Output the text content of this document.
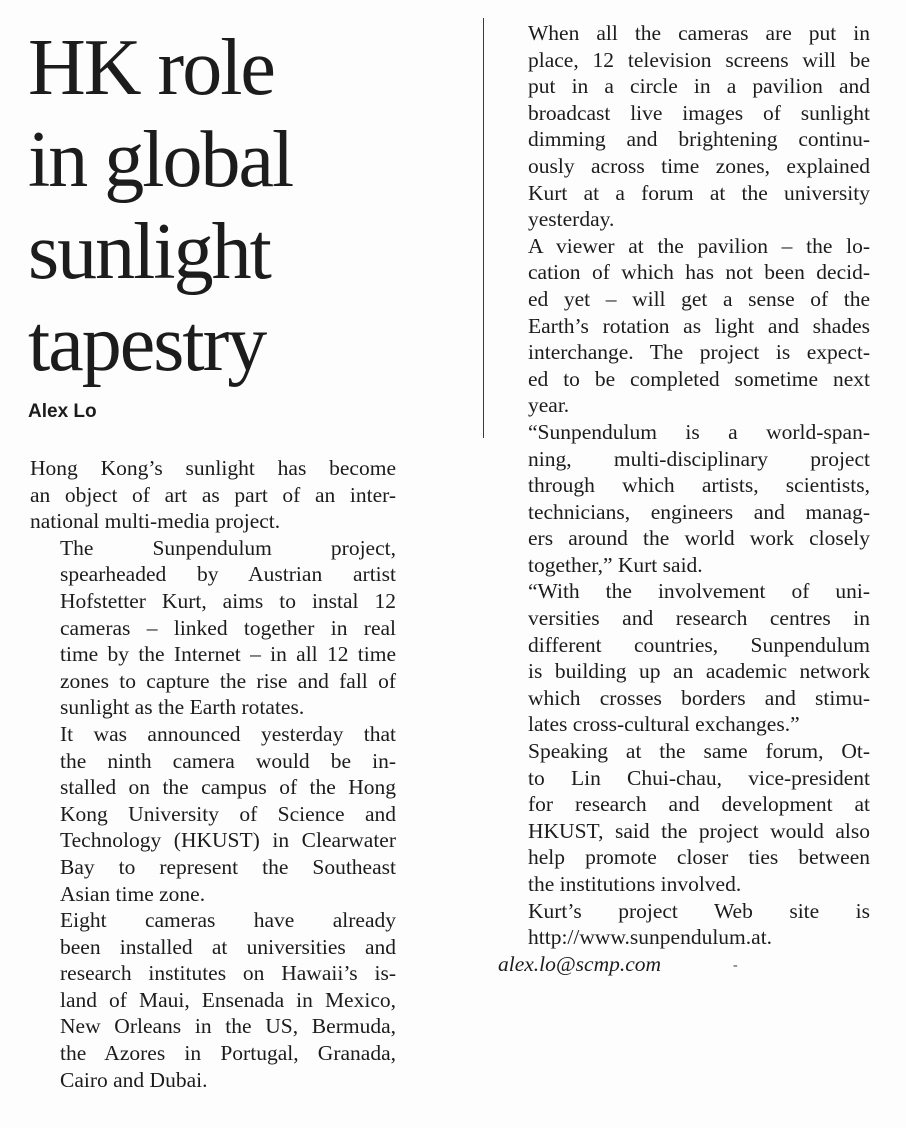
HK role
in global
sunlight
tapestry

Alex Lo

Hong Kong’s sunlight has become
an object of art as part of an inter-
national multi-media project.
The Sunpendulum project,
spearheaded by Austrian artist
Hofstetter Kurt, aims to instal 12
cameras – linked together in real
time by the Internet – in all 12 time
zones to capture the rise and fall of
sunlight as the Earth rotates.
It was announced yesterday that
the ninth camera would be in-
stalled on the campus of the Hong
Kong University of Science and
Technology (HKUST) in Clearwater
Bay to represent the Southeast
Asian time zone.
Eight cameras have already
been installed at universities and
research institutes on Hawaii’s is-
land of Maui, Ensenada in Mexico,
New Orleans in the US, Bermuda,
the Azores in Portugal, Granada,
Cairo and Dubai.
When all the cameras are put in
place, 12 television screens will be
put in a circle in a pavilion and
broadcast live images of sunlight
dimming and brightening continu-
ously across time zones, explained
Kurt at a forum at the university
yesterday.
A viewer at the pavilion – the lo-
cation of which has not been decid-
ed yet – will get a sense of the
Earth’s rotation as light and shades
interchange. The project is expect-
ed to be completed sometime next
year.
“Sunpendulum is a world-span-
ning, multi-disciplinary project
through which artists, scientists,
technicians, engineers and manag-
ers around the world work closely
together,” Kurt said.
“With the involvement of uni-
versities and research centres in
different countries, Sunpendulum
is building up an academic network
which crosses borders and stimu-
lates cross-cultural exchanges.”
Speaking at the same forum, Ot-
to Lin Chui-chau, vice-president
for research and development at
HKUST, said the project would also
help promote closer ties between
the institutions involved.
Kurt’s project Web site is
http://www.sunpendulum.at.
alex.lo@scmp.com	-
